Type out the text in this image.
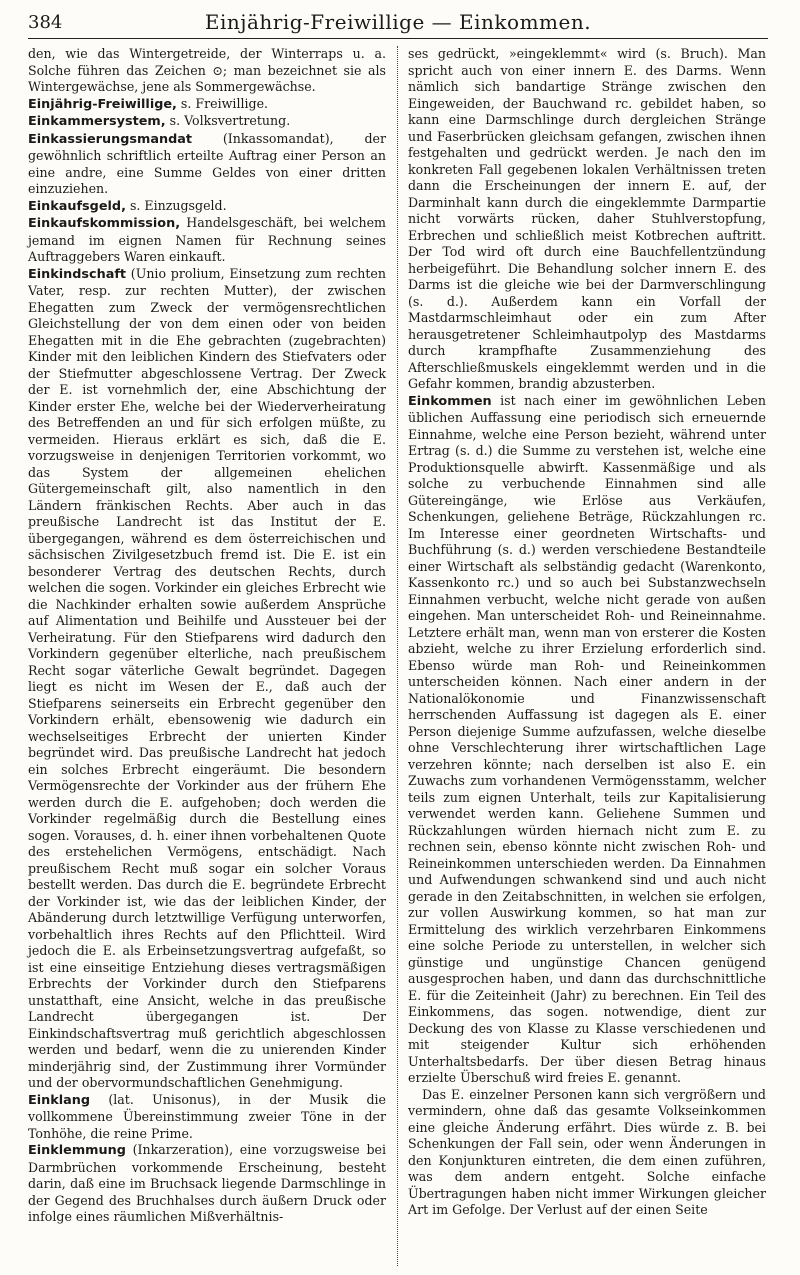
384	Einjährig-Freiwillige — Einkommen.

den, wie das Wintergetreide, der Winterraps u. a. Solche führen das Zeichen ⊙; man bezeichnet sie als Wintergewächse, jene als Sommergewächse.

Einjährig-Freiwillige, s. Freiwillige.

Einkammersystem, s. Volksvertretung.

Einkassierungsmandat (Inkassomandat), der gewöhnlich schriftlich erteilte Auftrag einer Person an eine andre, eine Summe Geldes von einer dritten einzuziehen.

Einkaufsgeld, s. Einzugsgeld.

Einkaufskommission, Handelsgeschäft, bei welchem jemand im eignen Namen für Rechnung seines Auftraggebers Waren einkauft.

Einkindschaft (Unio prolium, Einsetzung zum rechten Vater, resp. zur rechten Mutter), der zwischen Ehegatten zum Zweck der vermögensrechtlichen Gleichstellung der von dem einen oder von beiden Ehegatten mit in die Ehe gebrachten (zugebrachten) Kinder mit den leiblichen Kindern des Stiefvaters oder der Stiefmutter abgeschlossene Vertrag. Der Zweck der E. ist vornehmlich der, eine Abschichtung der Kinder erster Ehe, welche bei der Wiederverheiratung des Betreffenden an und für sich erfolgen müßte, zu vermeiden. Hieraus erklärt es sich, daß die E. vorzugsweise in denjenigen Territorien vorkommt, wo das System der allgemeinen ehelichen Gütergemeinschaft gilt, also namentlich in den Ländern fränkischen Rechts. Aber auch in das preußische Landrecht ist das Institut der E. übergegangen, während es dem österreichischen und sächsischen Zivilgesetzbuch fremd ist. Die E. ist ein besonderer Vertrag des deutschen Rechts, durch welchen die sogen. Vorkinder ein gleiches Erbrecht wie die Nachkinder erhalten sowie außerdem Ansprüche auf Alimentation und Beihilfe und Aussteuer bei der Verheiratung. Für den Stiefparens wird dadurch den Vorkindern gegenüber elterliche, nach preußischem Recht sogar väterliche Gewalt begründet. Dagegen liegt es nicht im Wesen der E., daß auch der Stiefparens seinerseits ein Erbrecht gegenüber den Vorkindern erhält, ebensowenig wie dadurch ein wechselseitiges Erbrecht der unierten Kinder begründet wird. Das preußische Landrecht hat jedoch ein solches Erbrecht eingeräumt. Die besondern Vermögensrechte der Vorkinder aus der frühern Ehe werden durch die E. aufgehoben; doch werden die Vorkinder regelmäßig durch die Bestellung eines sogen. Vorauses, d. h. einer ihnen vorbehaltenen Quote des erstehelichen Vermögens, entschädigt. Nach preußischem Recht muß sogar ein solcher Voraus bestellt werden. Das durch die E. begründete Erbrecht der Vorkinder ist, wie das der leiblichen Kinder, der Abänderung durch letztwillige Verfügung unterworfen, vorbehaltlich ihres Rechts auf den Pflichtteil. Wird jedoch die E. als Erbeinsetzungsvertrag aufgefaßt, so ist eine einseitige Entziehung dieses vertragsmäßigen Erbrechts der Vorkinder durch den Stiefparens unstatthaft, eine Ansicht, welche in das preußische Landrecht übergegangen ist. Der Einkindschaftsvertrag muß gerichtlich abgeschlossen werden und bedarf, wenn die zu unierenden Kinder minderjährig sind, der Zustimmung ihrer Vormünder und der obervormundschaftlichen Genehmigung.

Einklang (lat. Unisonus), in der Musik die vollkommene Übereinstimmung zweier Töne in der Tonhöhe, die reine Prime.

Einklemmung (Inkarzeration), eine vorzugsweise bei Darmbrüchen vorkommende Erscheinung, besteht darin, daß eine im Bruchsack liegende Darmschlinge in der Gegend des Bruchhalses durch äußern Druck oder infolge eines räumlichen Mißverhältnis-

ses gedrückt, »eingeklemmt« wird (s. Bruch). Man spricht auch von einer innern E. des Darms. Wenn nämlich sich bandartige Stränge zwischen den Eingeweiden, der Bauchwand rc. gebildet haben, so kann eine Darmschlinge durch dergleichen Stränge und Faserbrücken gleichsam gefangen, zwischen ihnen festgehalten und gedrückt werden. Je nach den im konkreten Fall gegebenen lokalen Verhältnissen treten dann die Erscheinungen der innern E. auf, der Darminhalt kann durch die eingeklemmte Darmpartie nicht vorwärts rücken, daher Stuhlverstopfung, Erbrechen und schließlich meist Kotbrechen auftritt. Der Tod wird oft durch eine Bauchfellentzündung herbeigeführt. Die Behandlung solcher innern E. des Darms ist die gleiche wie bei der Darmverschlingung (s. d.). Außerdem kann ein Vorfall der Mastdarmschleimhaut oder ein zum After herausgetretener Schleimhautpolyp des Mastdarms durch krampfhafte Zusammenziehung des Afterschließmuskels eingeklemmt werden und in die Gefahr kommen, brandig abzusterben.

Einkommen ist nach einer im gewöhnlichen Leben üblichen Auffassung eine periodisch sich erneuernde Einnahme, welche eine Person bezieht, während unter Ertrag (s. d.) die Summe zu verstehen ist, welche eine Produktionsquelle abwirft. Kassenmäßige und als solche zu verbuchende Einnahmen sind alle Gütereingänge, wie Erlöse aus Verkäufen, Schenkungen, geliehene Beträge, Rückzahlungen rc. Im Interesse einer geordneten Wirtschafts- und Buchführung (s. d.) werden verschiedene Bestandteile einer Wirtschaft als selbständig gedacht (Warenkonto, Kassenkonto rc.) und so auch bei Substanzwechseln Einnahmen verbucht, welche nicht gerade von außen eingehen. Man unterscheidet Roh- und Reineinnahme. Letztere erhält man, wenn man von ersterer die Kosten abzieht, welche zu ihrer Erzielung erforderlich sind. Ebenso würde man Roh- und Reineinkommen unterscheiden können. Nach einer andern in der Nationalökonomie und Finanzwissenschaft herrschenden Auffassung ist dagegen als E. einer Person diejenige Summe aufzufassen, welche dieselbe ohne Verschlechterung ihrer wirtschaftlichen Lage verzehren könnte; nach derselben ist also E. ein Zuwachs zum vorhandenen Vermögensstamm, welcher teils zum eignen Unterhalt, teils zur Kapitalisierung verwendet werden kann. Geliehene Summen und Rückzahlungen würden hiernach nicht zum E. zu rechnen sein, ebenso könnte nicht zwischen Roh- und Reineinkommen unterschieden werden. Da Einnahmen und Aufwendungen schwankend sind und auch nicht gerade in den Zeitabschnitten, in welchen sie erfolgen, zur vollen Auswirkung kommen, so hat man zur Ermittelung des wirklich verzehrbaren Einkommens eine solche Periode zu unterstellen, in welcher sich günstige und ungünstige Chancen genügend ausgesprochen haben, und dann das durchschnittliche E. für die Zeiteinheit (Jahr) zu berechnen. Ein Teil des Einkommens, das sogen. notwendige, dient zur Deckung des von Klasse zu Klasse verschiedenen und mit steigender Kultur sich erhöhenden Unterhaltsbedarfs. Der über diesen Betrag hinaus erzielte Überschuß wird freies E. genannt.

Das E. einzelner Personen kann sich vergrößern und vermindern, ohne daß das gesamte Volkseinkommen eine gleiche Änderung erfährt. Dies würde z. B. bei Schenkungen der Fall sein, oder wenn Änderungen in den Konjunkturen eintreten, die dem einen zuführen, was dem andern entgeht. Solche einfache Übertragungen haben nicht immer Wirkungen gleicher Art im Gefolge. Der Verlust auf der einen Seite
